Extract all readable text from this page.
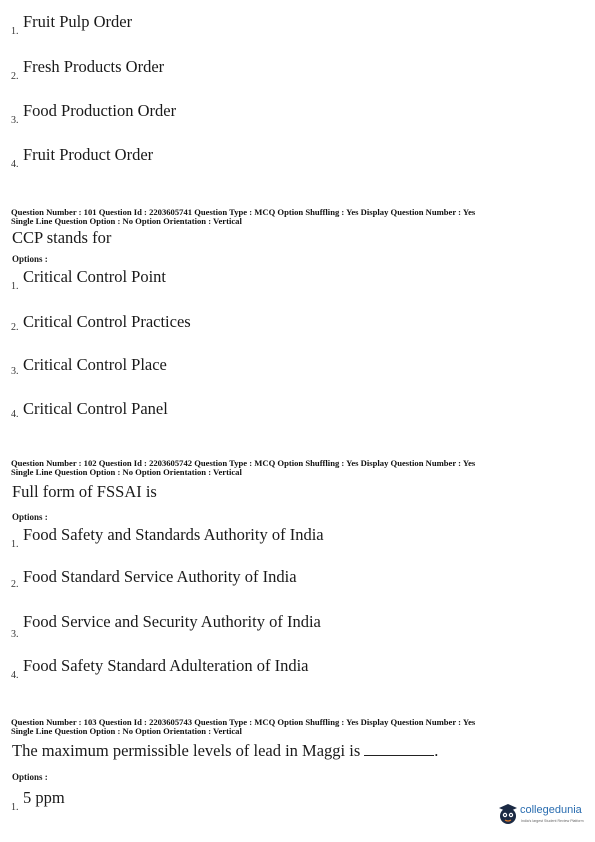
1.
Fruit Pulp Order
2.
Fresh Products Order
3.
Food Production Order
4.
Fruit Product Order
Question Number : 101 Question Id : 2203605741 Question Type : MCQ Option Shuffling : Yes Display Question Number : Yes
Single Line Question Option : No Option Orientation : Vertical
CCP stands for
Options :
1.
Critical Control Point
2. Critical Control Practices
3. Critical Control Place
4. Critical Control Panel
Question Number : 102 Question Id : 2203605742 Question Type : MCQ Option Shuffling : Yes Display Question Number : Yes
Single Line Question Option : No Option Orientation : Vertical
Full form of FSSAI is
Options :
1.
Food Safety and Standards Authority of India
2. Food Standard Service Authority of India
3.
Food Service and Security Authority of India
4.
Food Safety Standard Adulteration of India
Question Number : 103 Question Id : 2203605743 Question Type : MCQ Option Shuffling : Yes Display Question Number : Yes
Single Line Question Option : No Option Orientation : Vertical
The maximum permissible levels of lead in Maggi is	.
Options :
1.
5 ppm
collegedunia
India's largest Student Review Platform
